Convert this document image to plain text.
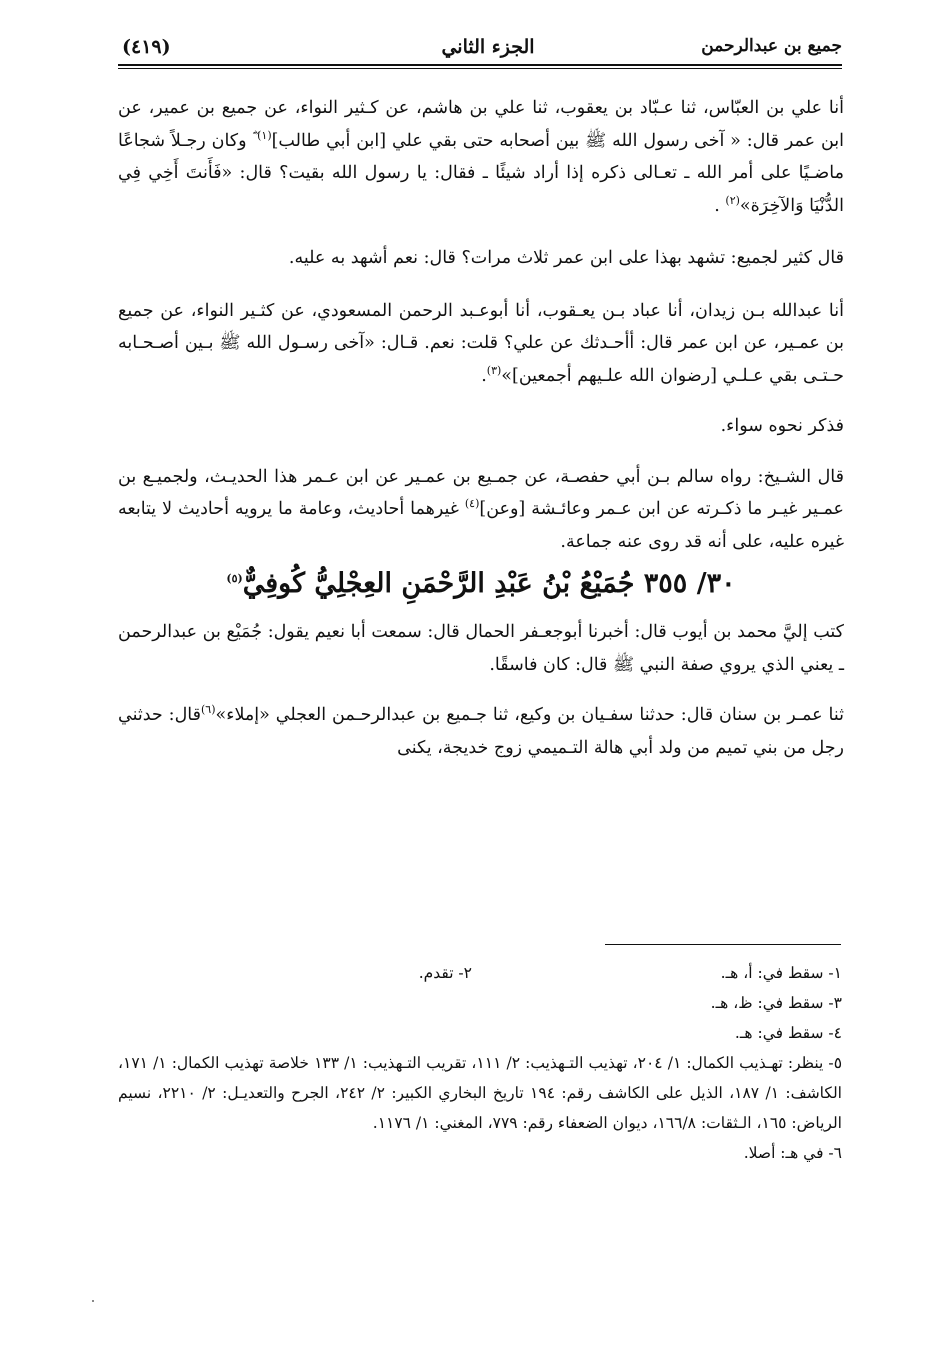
جميع بن عبدالرحمن
الجزء الثاني
(٤١٩)

أنا علي بن العبّاس، ثنا عـبّاد بن يعقوب، ثنا علي بن هاشم، عن كـثير النواء، عن جميع بن عمير، عن ابن عمر قال: « آخى رسول الله ﷺ بين أصحابه حتى بقي علي [ابن أبي طالب]$^{(١)}$ ؓ وكان رجـلاً شجاعًا ماضـيًا على أمر الله ـ تعـالى ذكره إذا أراد شيئًا ـ فقال: يا رسول الله بقيت؟ قال: «فَأَنتَ أَخِي فِي الدُّنْيَا وَالآخِرَة»$^{(٢)}$ .

قال كثير لجميع: تشهد بهذا على ابن عمر ثلاث مرات؟ قال: نعم أشهد به عليه.

أنا عبدالله بـن زيدان، أنا عباد بـن يعـقوب، أنا أبوعـبد الرحمن المسعودي، عن كثـير النواء، عن جميع بن عمـير، عن ابن عمر قال: أأحـدثك عن علي؟ قلت: نعم. قـال: «آخى رسـول الله ﷺ بـين أصـحـابه حـتـى بقي عـلـي [رضوان الله علـيهم أجمعين]»$^{(٣)}$.

فذكر نحوه سواء.

قال الشـيخ: رواه سالم بـن أبي حفصـة، عن جمـيع بن عمـير عن ابن عـمر هذا الحديـث، ولجميـع بن عمـير غيـر ما ذكـرته عن ابن عـمر وعائـشة [وعن]$^{(٤)}$ غيرهما أحاديث، وعامة ما يرويه أحاديث لا يتابعه غيره عليه، على أنه قد روى عنه جماعة.

٣٠/ ٣٥٥ جُمَيْعُ بْنُ عَبْدِ الرَّحْمَنِ العِجْلِيُّ كُوفِيٌّ$^{(٥)}$

كتب إليَّ محمد بن أيوب قال: أخبرنا أبوجعـفر الحمال قال: سمعت أبا نعيم يقول: جُمَيْع بن عبدالرحمن ـ يعني الذي يروي صفة النبي ﷺ قال: كان فاسقًا.

ثنا عمـر بن سنان قال: حدثنا سفـيان بن وكيع، ثنا جـميع بن عبدالرحـمن العجلي «إملاء»$^{(٦)}$قال: حدثني رجل من بني تميم من ولد أبي هالة التـميمي زوج خديجة، يكنى

١- سقط في: أ، هـ.
٢- تقدم.
٣- سقط في: ظ، هـ.
٤- سقط في: هـ.
٥- ينظر: تهـذيب الكمال: ١/ ٢٠٤، تهذيب التـهذيب: ٢/ ١١١، تقريب التـهذيب: ١/ ١٣٣ خلاصة تهذيب الكمال: ١/ ١٧١، الكاشف: ١/ ١٨٧، الذيل على الكاشف رقم: ١٩٤ تاريخ البخاري الكبير: ٢/ ٢٤٢، الجرح والتعديـل: ٢/ ٢٢١٠، نسيم الرياض: ١٦٥، الـثقات: ١٦٦/٨، ديوان الضعفاء رقم: ٧٧٩، المغني: ١/ ١١٧٦.
٦- في هـ: أصلا.
